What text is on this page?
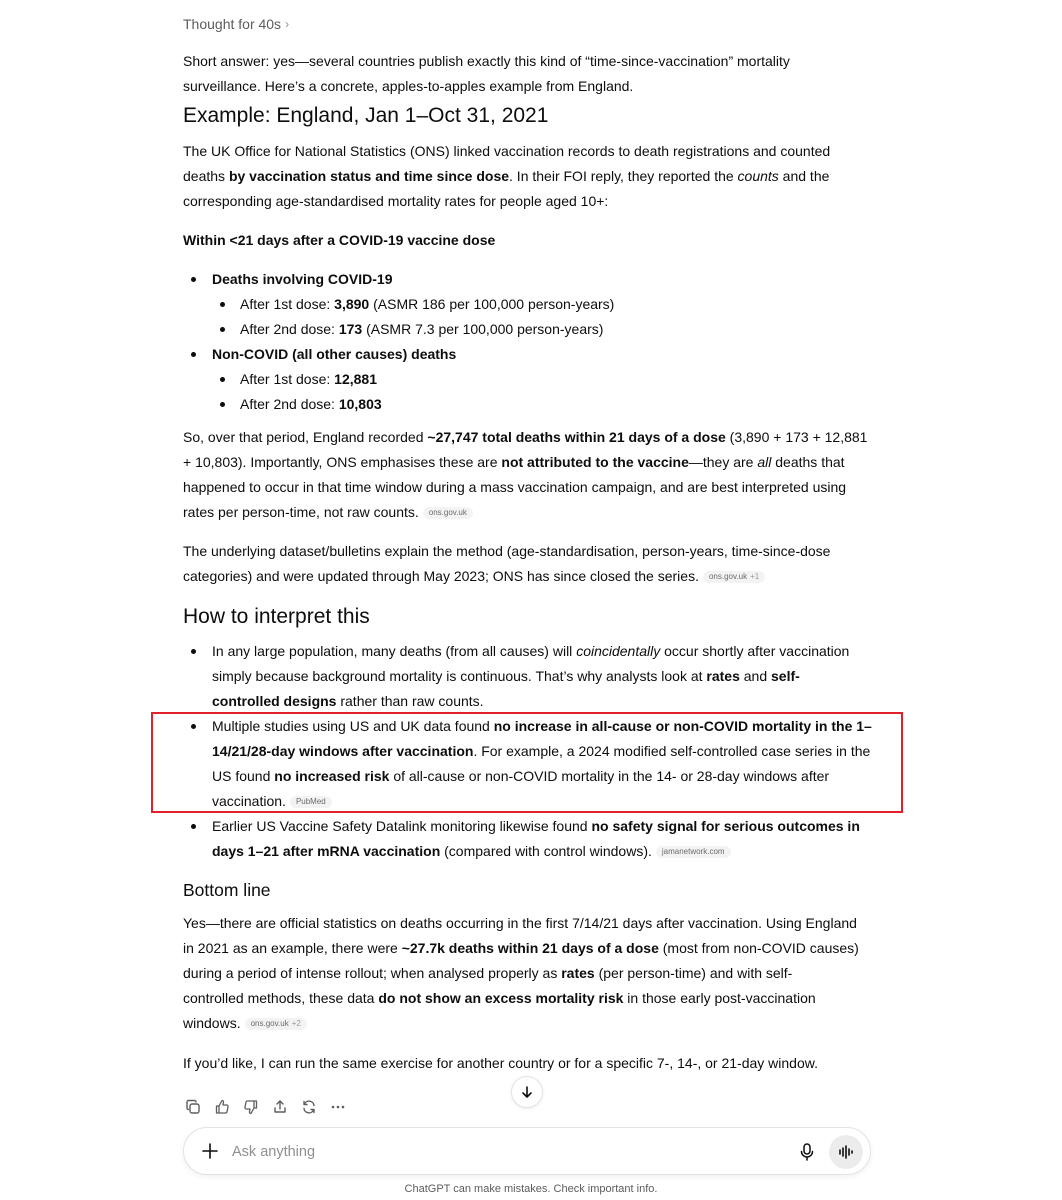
Thought for 40s ›

Short answer: yes—several countries publish exactly this kind of “time-since-vaccination” mortality

surveillance. Here’s a concrete, apples-to-apples example from England.

Example: England, Jan 1–Oct 31, 2021

The UK Office for National Statistics (ONS) linked vaccination records to death registrations and counted

deaths by vaccination status and time since dose. In their FOI reply, they reported the counts and the

corresponding age-standardised mortality rates for people aged 10+:

Within <21 days after a COVID-19 vaccine dose

Deaths involving COVID-19
After 1st dose: 3,890 (ASMR 186 per 100,000 person-years)
After 2nd dose: 173 (ASMR 7.3 per 100,000 person-years)
Non-COVID (all other causes) deaths
After 1st dose: 12,881
After 2nd dose: 10,803

So, over that period, England recorded ~27,747 total deaths within 21 days of a dose (3,890 + 173 + 12,881

+ 10,803). Importantly, ONS emphasises these are not attributed to the vaccine—they are all deaths that

happened to occur in that time window during a mass vaccination campaign, and are best interpreted using

rates per person-time, not raw counts. ons.gov.uk

The underlying dataset/bulletins explain the method (age-standardisation, person-years, time-since-dose

categories) and were updated through May 2023; ONS has since closed the series. ons.gov.uk +1

How to interpret this

In any large population, many deaths (from all causes) will coincidentally occur shortly after vaccination

simply because background mortality is continuous. That’s why analysts look at rates and self-

controlled designs rather than raw counts.

Multiple studies using US and UK data found no increase in all-cause or non-COVID mortality in the 1–

14/21/28-day windows after vaccination. For example, a 2024 modified self-controlled case series in the

US found no increased risk of all-cause or non-COVID mortality in the 14- or 28-day windows after

vaccination. PubMed

Earlier US Vaccine Safety Datalink monitoring likewise found no safety signal for serious outcomes in

days 1–21 after mRNA vaccination (compared with control windows). jamanetwork.com

Bottom line

Yes—there are official statistics on deaths occurring in the first 7/14/21 days after vaccination. Using England

in 2021 as an example, there were ~27.7k deaths within 21 days of a dose (most from non-COVID causes)

during a period of intense rollout; when analysed properly as rates (per person-time) and with self-

controlled methods, these data do not show an excess mortality risk in those early post-vaccination

windows. ons.gov.uk +2

If you’d like, I can run the same exercise for another country or for a specific 7-, 14-, or 21-day window.

Ask anything
ChatGPT can make mistakes. Check important info.
